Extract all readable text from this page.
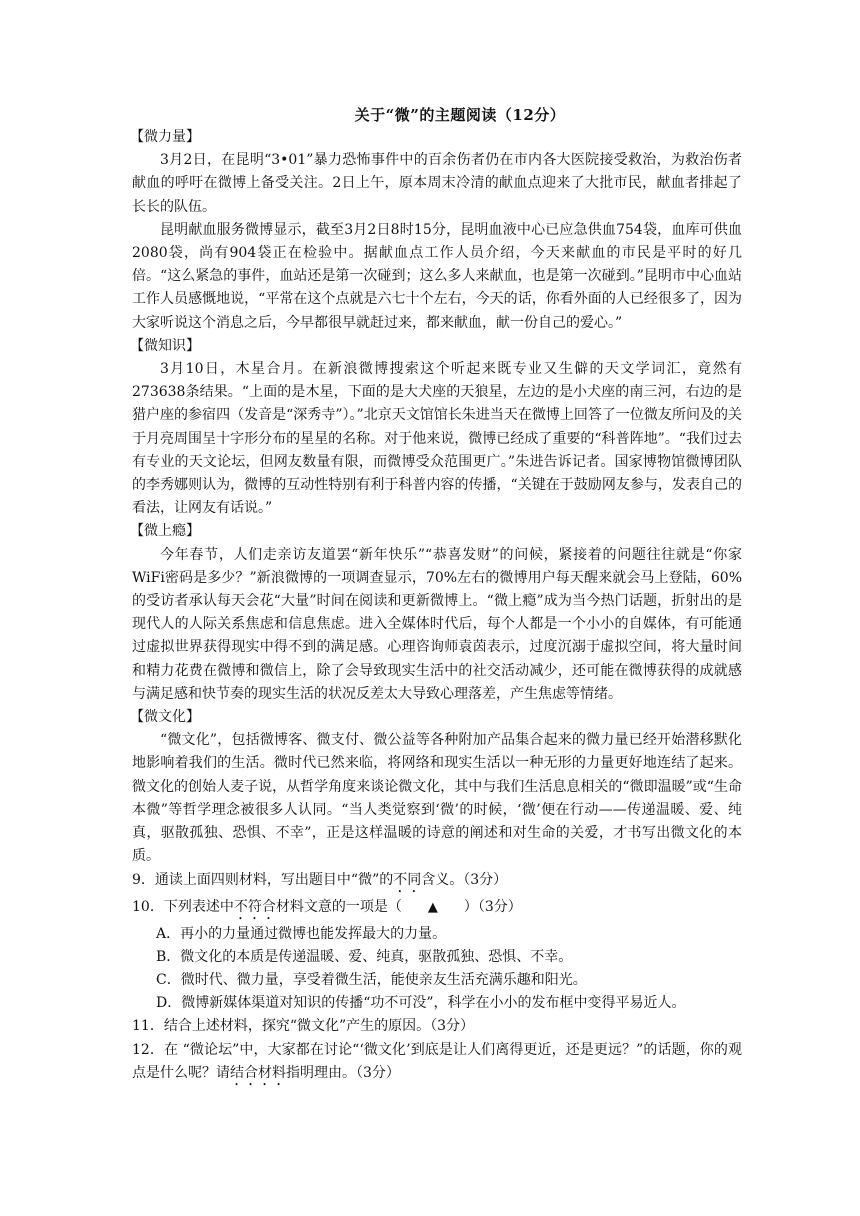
关于“微”的主题阅读（12分）

【微力量】

3月2日，在昆明“3•01”暴力恐怖事件中的百余伤者仍在市内各大医院接受救治，为救治伤者献血的呼吁在微博上备受关注。2日上午，原本周末冷清的献血点迎来了大批市民，献血者排起了长长的队伍。

昆明献血服务微博显示，截至3月2日8时15分，昆明血液中心已应急供血754袋，血库可供血2080袋，尚有904袋正在检验中。据献血点工作人员介绍，今天来献血的市民是平时的好几倍。“这么紧急的事件，血站还是第一次碰到；这么多人来献血，也是第一次碰到。”昆明市中心血站工作人员感慨地说，“平常在这个点就是六七十个左右，今天的话，你看外面的人已经很多了，因为大家听说这个消息之后，今早都很早就赶过来，都来献血，献一份自己的爱心。”

【微知识】

3月10日，木星合月。在新浪微博搜索这个听起来既专业又生僻的天文学词汇，竟然有273638条结果。“上面的是木星，下面的是大犬座的天狼星，左边的是小犬座的南三河，右边的是猎户座的参宿四（发音是“深秀寺”）。”北京天文馆馆长朱进当天在微博上回答了一位微友所问及的关于月亮周围呈十字形分布的星星的名称。对于他来说，微博已经成了重要的“科普阵地”。“我们过去有专业的天文论坛，但网友数量有限，而微博受众范围更广。”朱进告诉记者。国家博物馆微博团队的李秀娜则认为，微博的互动性特别有利于科普内容的传播，“关键在于鼓励网友参与，发表自己的看法，让网友有话说。”

【微上瘾】

今年春节，人们走亲访友道罢“新年快乐”“恭喜发财”的问候，紧接着的问题往往就是“你家WiFi密码是多少？”新浪微博的一项调查显示，70%左右的微博用户每天醒来就会马上登陆，60%的受访者承认每天会花“大量”时间在阅读和更新微博上。“微上瘾”成为当今热门话题，折射出的是现代人的人际关系焦虑和信息焦虑。进入全媒体时代后，每个人都是一个小小的自媒体，有可能通过虚拟世界获得现实中得不到的满足感。心理咨询师袁茵表示，过度沉溺于虚拟空间，将大量时间和精力花费在微博和微信上，除了会导致现实生活中的社交活动减少，还可能在微博获得的成就感与满足感和快节奏的现实生活的状况反差太大导致心理落差，产生焦虑等情绪。

【微文化】

“微文化”，包括微博客、微支付、微公益等各种附加产品集合起来的微力量已经开始潜移默化地影响着我们的生活。微时代已然来临，将网络和现实生活以一种无形的力量更好地连结了起来。微文化的创始人麦子说，从哲学角度来谈论微文化，其中与我们生活息息相关的“微即温暖”或“生命本微”等哲学理念被很多人认同。“当人类觉察到‘微’的时候，‘微’便在行动——传递温暖、爱、纯真，驱散孤独、恐惧、不幸”，正是这样温暖的诗意的阐述和对生命的关爱，才书写出微文化的本质。

9．通读上面四则材料，写出题目中“微”的不同含义。（3分）

10．下列表述中不符合材料文意的一项是（ ▲ ）（3分）

A．再小的力量通过微博也能发挥最大的力量。

B．微文化的本质是传递温暖、爱、纯真，驱散孤独、恐惧、不幸。

C．微时代、微力量，享受着微生活，能使亲友生活充满乐趣和阳光。

D．微博新媒体渠道对知识的传播“功不可没”，科学在小小的发布框中变得平易近人。

11．结合上述材料，探究“微文化”产生的原因。（3分）

12．在 “微论坛”中，大家都在讨论“‘微文化’到底是让人们离得更近，还是更远？”的话题，你的观点是什么呢？请结合材料指明理由。（3分）
